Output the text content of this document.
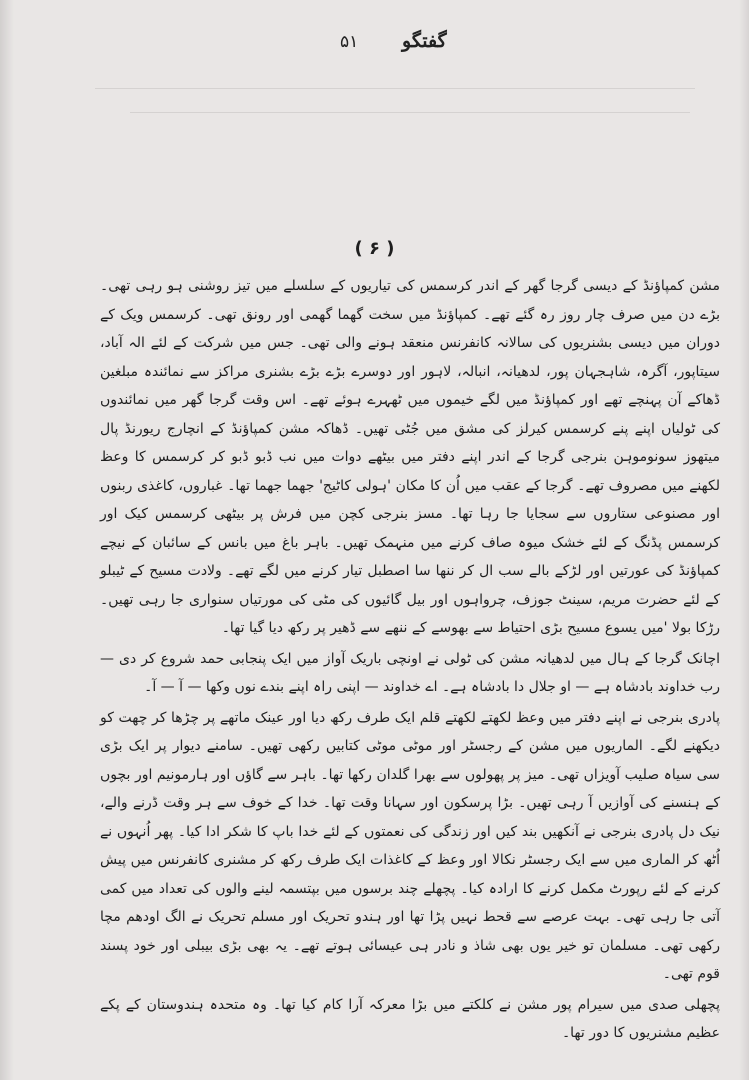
گفتگو
۵۱
( ۶ )

مشن کمپاؤنڈ کے دیسی گرجا گھر کے اندر کرسمس کی تیاریوں کے سلسلے میں تیز روشنی ہو رہی تھی۔ بڑے دن میں صرف چار روز رہ گئے تھے۔ کمپاؤنڈ میں سخت گھما گھمی اور رونق تھی۔ کرسمس ویک کے دوران میں دیسی بشنریوں کی سالانہ کانفرنس منعقد ہونے والی تھی۔ جس میں شرکت کے لئے الہ آباد، سیتاپور، آگرہ، شاہجہان پور، لدھیانہ، انبالہ، لاہور اور دوسرے بڑے بڑے بشنری مراکز سے نمائندہ مبلغین ڈھاکے آن پہنچے تھے اور کمپاؤنڈ میں لگے خیموں میں ٹھہرے ہوئے تھے۔ اس وقت گرجا گھر میں نمائندوں کی ٹولیاں اپنے پنے کرسمس کیرلز کی مشق میں جُٹی تھیں۔ ڈھاکہ مشن کمپاؤنڈ کے انچارج ریورنڈ پال میتھوز سونوموہن بنرجی گرجا کے اندر اپنے دفتر میں بیٹھے دوات میں نب ڈبو ڈبو کر کرسمس کا وعظ لکھنے میں مصروف تھے۔ گرجا کے عقب میں اُن کا مکان 'ہولی کاٹیج' جھما جھما تھا۔ غباروں، کاغذی ربنوں اور مصنوعی ستاروں سے سجایا جا رہا تھا۔ مسز بنرجی کچن میں فرش پر بیٹھی کرسمس کیک اور کرسمس پڈنگ کے لئے خشک میوہ صاف کرنے میں منہمک تھیں۔ باہر باغ میں بانس کے سائبان کے نیچے کمپاؤنڈ کی عورتیں اور لڑکے بالے سب ال کر ننھا سا اصطبل تیار کرنے میں لگے تھے۔ ولادت مسیح کے ٹیبلو کے لئے حضرت مریم، سینٹ جوزف، چرواہوں اور بیل گائیوں کی مٹی کی مورتیاں سنواری جا رہی تھیں۔ رڑکا بولا 'میں یسوع مسیح بڑی احتیاط سے بھوسے کے ننھے سے ڈھیر پر رکھ دیا گیا تھا۔

اچانک گرجا کے ہال میں لدھیانہ مشن کی ٹولی نے اونچی باریک آواز میں ایک پنجابی حمد شروع کر دی — رب خداوند بادشاہ ہے — او جلال دا بادشاہ ہے۔ اے خداوند — اپنی راہ اپنے بندے نوں وکھا — آ — آ۔

پادری بنرجی نے اپنے دفتر میں وعظ لکھتے لکھتے قلم ایک طرف رکھ دیا اور عینک ماتھے پر چڑھا کر چھت کو دیکھنے لگے۔ الماریوں میں مشن کے رجسٹر اور موٹی موٹی کتابیں رکھی تھیں۔ سامنے دیوار پر ایک بڑی سی سیاہ صلیب آویزاں تھی۔ میز پر پھولوں سے بھرا گلدان رکھا تھا۔ باہر سے گاؤں اور ہارمونیم اور بچوں کے ہنسنے کی آوازیں آ رہی تھیں۔ بڑا پرسکون اور سہانا وقت تھا۔ خدا کے خوف سے ہر وقت ڈرنے والے، نیک دل پادری بنرجی نے آنکھیں بند کیں اور زندگی کی نعمتوں کے لئے خدا باپ کا شکر ادا کیا۔ پھر اُنہوں نے اُٹھ کر الماری میں سے ایک رجسٹر نکالا اور وعظ کے کاغذات ایک طرف رکھ کر مشنری کانفرنس میں پیش کرنے کے لئے رپورٹ مکمل کرنے کا ارادہ کیا۔ پچھلے چند برسوں میں بپتسمہ لینے والوں کی تعداد میں کمی آتی جا رہی تھی۔ بہت عرصے سے قحط نہیں پڑا تھا اور ہندو تحریک اور مسلم تحریک نے الگ اودھم مچا رکھی تھی۔ مسلمان تو خیر یوں بھی شاذ و نادر ہی عیسائی ہوتے تھے۔ یہ بھی بڑی بیبلی اور خود پسند قوم تھی۔

پچھلی صدی میں سیرام پور مشن نے کلکتے میں بڑا معرکہ آرا کام کیا تھا۔ وہ متحدہ ہندوستان کے پکے عظیم مشنریوں کا دور تھا۔
